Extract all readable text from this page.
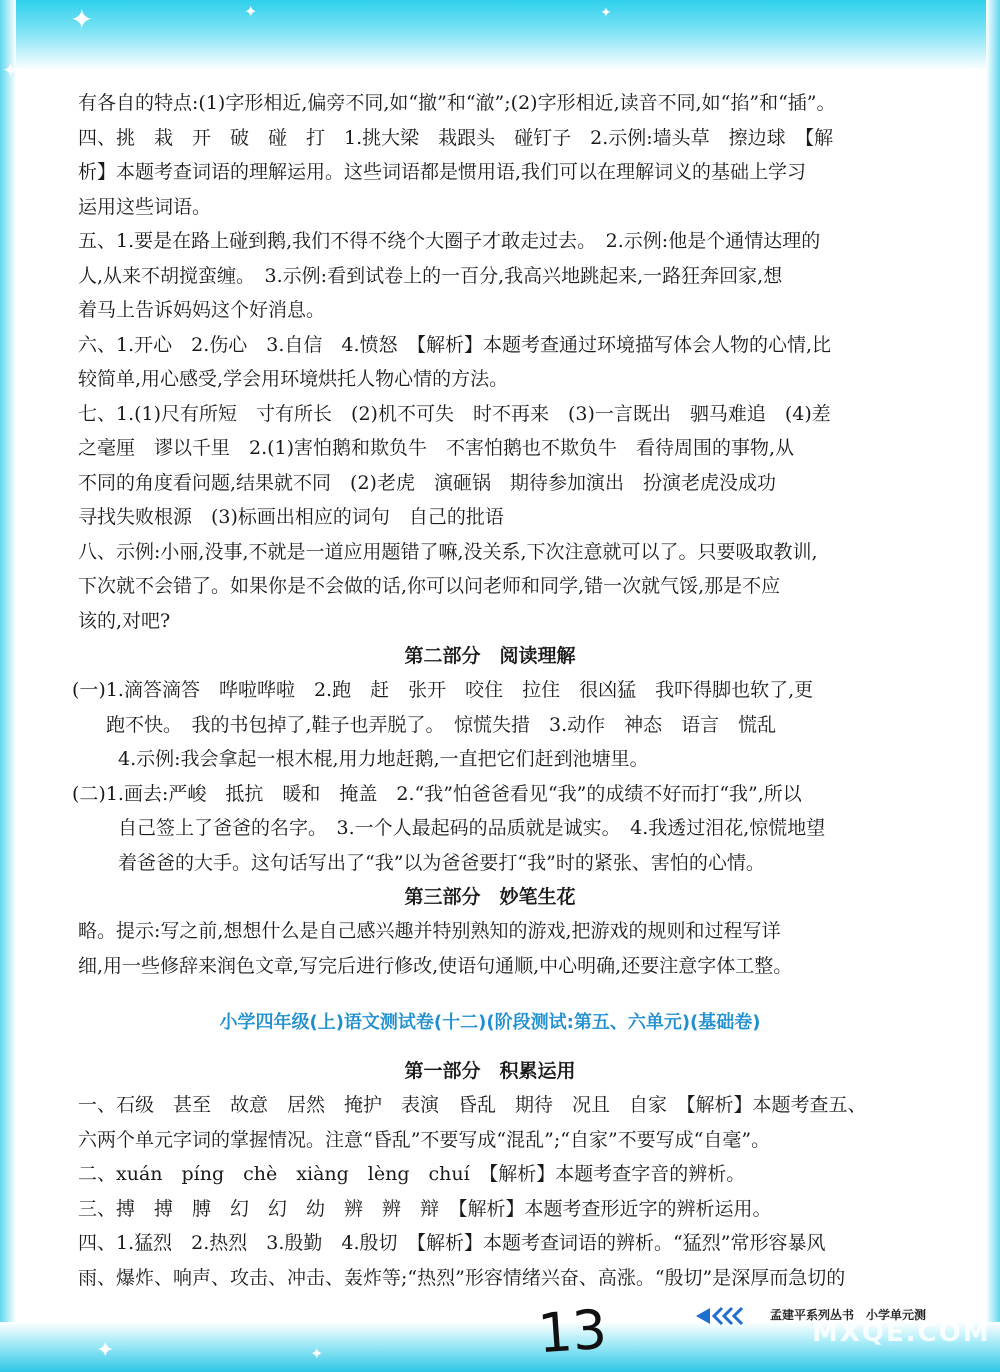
✦	✦	✦
✦
✦	✦
有各自的特点:(1)字形相近,偏旁不同,如“撤”和“澈”;(2)字形相近,读音不同,如“掐”和“插”。
四、挑　栽　开　破　碰　打　1.挑大梁　栽跟头　碰钉子　2.示例:墙头草　擦边球　【解
析】本题考查词语的理解运用。这些词语都是惯用语,我们可以在理解词义的基础上学习
运用这些词语。
五、1.要是在路上碰到鹅,我们不得不绕个大圈子才敢走过去。　2.示例:他是个通情达理的
人,从来不胡搅蛮缠。　3.示例:看到试卷上的一百分,我高兴地跳起来,一路狂奔回家,想
着马上告诉妈妈这个好消息。
六、1.开心　2.伤心　3.自信　4.愤怒　【解析】本题考查通过环境描写体会人物的心情,比
较简单,用心感受,学会用环境烘托人物心情的方法。
七、1.(1)尺有所短　寸有所长　(2)机不可失　时不再来　(3)一言既出　驷马难追　(4)差
之毫厘　谬以千里　2.(1)害怕鹅和欺负牛　不害怕鹅也不欺负牛　看待周围的事物,从
不同的角度看问题,结果就不同　(2)老虎　演砸锅　期待参加演出　扮演老虎没成功
寻找失败根源　(3)标画出相应的词句　自己的批语
八、示例:小丽,没事,不就是一道应用题错了嘛,没关系,下次注意就可以了。只要吸取教训,
下次就不会错了。如果你是不会做的话,你可以问老师和同学,错一次就气馁,那是不应
该的,对吧?
第二部分　阅读理解
(一)1.滴答滴答　哗啦哗啦　2.跑　赶　张开　咬住　拉住　很凶猛　我吓得脚也软了,更
跑不快。　我的书包掉了,鞋子也弄脱了。　惊慌失措　3.动作　神态　语言　慌乱
4.示例:我会拿起一根木棍,用力地赶鹅,一直把它们赶到池塘里。
(二)1.画去:严峻　抵抗　暖和　掩盖　2.“我”怕爸爸看见“我”的成绩不好而打“我”,所以
自己签上了爸爸的名字。　3.一个人最起码的品质就是诚实。　4.我透过泪花,惊慌地望
着爸爸的大手。这句话写出了“我”以为爸爸要打“我”时的紧张、害怕的心情。
第三部分　妙笔生花
略。提示:写之前,想想什么是自己感兴趣并特别熟知的游戏,把游戏的规则和过程写详
细,用一些修辞来润色文章,写完后进行修改,使语句通顺,中心明确,还要注意字体工整。
小学四年级(上)语文测试卷(十二)(阶段测试:第五、六单元)(基础卷)
第一部分　积累运用
一、石级　甚至　故意　居然　掩护　表演　昏乱　期待　况且　自家　【解析】本题考查五、
六两个单元字词的掌握情况。注意“昏乱”不要写成“混乱”;“自家”不要写成“自毫”。
二、xuán　píng　chè　xiàng　lèng　chuí　【解析】本题考查字音的辨析。
三、搏　搏　膊　幻　幻　幼　辨　辨　辩　【解析】本题考查形近字的辨析运用。
四、1.猛烈　2.热烈　3.殷勤　4.殷切　【解析】本题考查词语的辨析。“猛烈”常形容暴风
雨、爆炸、响声、攻击、冲击、轰炸等;“热烈”形容情绪兴奋、高涨。“殷切”是深厚而急切的
13	孟建平系列丛书　小学单元测
MXQE.COM
